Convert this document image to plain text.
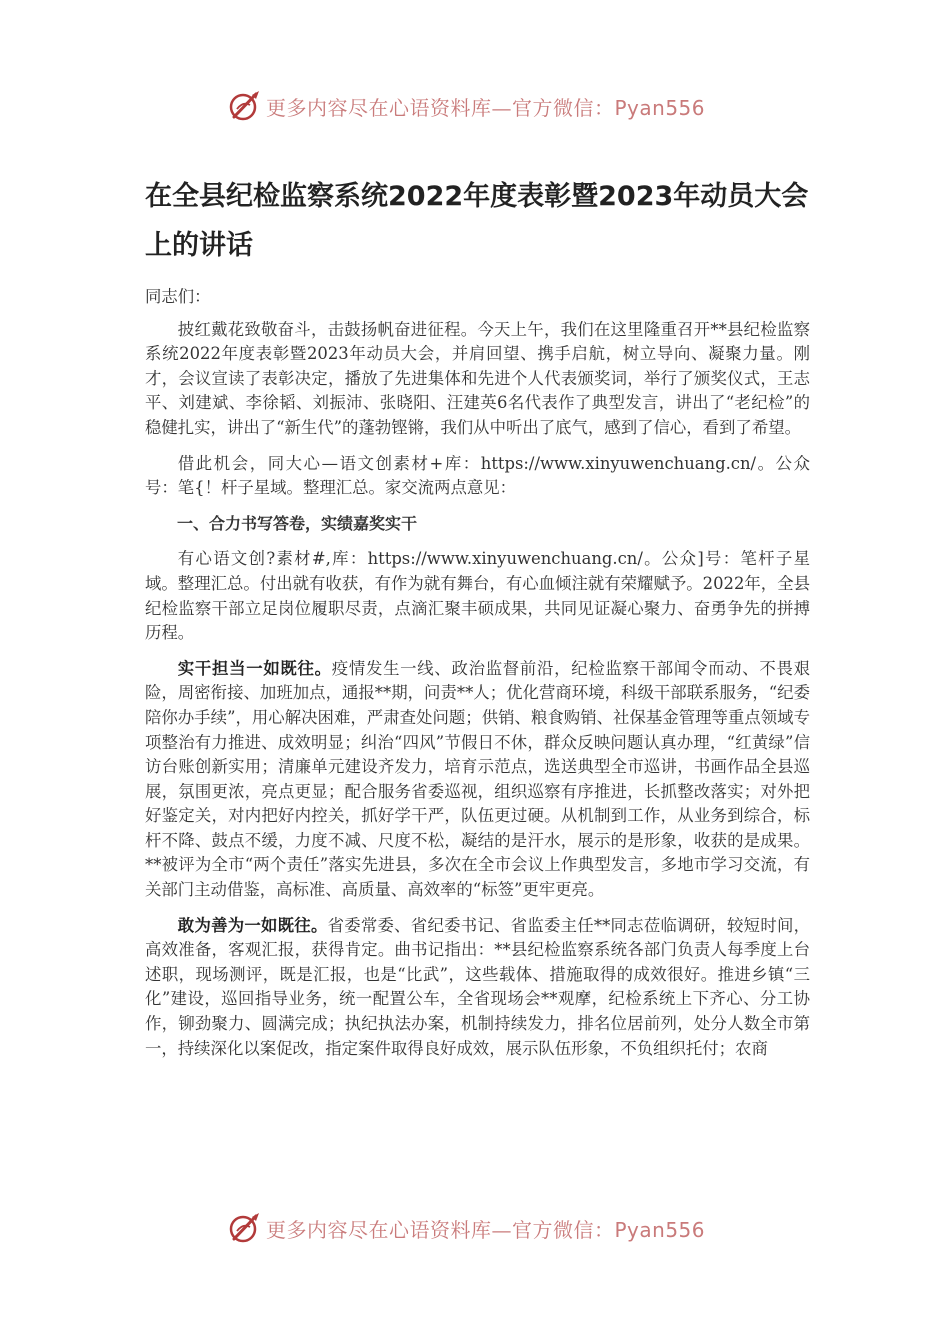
更多内容尽在心语资料库—官方微信：Pyan556
在全县纪检监察系统2022年度表彰暨2023年动员大会上的讲话

同志们：

披红戴花致敬奋斗，击鼓扬帆奋进征程。今天上午，我们在这里隆重召开**县纪检监察系统2022年度表彰暨2023年动员大会，并肩回望、携手启航，树立导向、凝聚力量。刚才，会议宣读了表彰决定，播放了先进集体和先进个人代表颁奖词，举行了颁奖仪式，王志平、刘建斌、李徐韬、刘振沛、张晓阳、汪建英6名代表作了典型发言，讲出了“老纪检”的稳健扎实，讲出了“新生代”的蓬勃铿锵，我们从中听出了底气，感到了信心，看到了希望。

借此机会，同大心—语文创素材+库：https://www.xinyuwenchuang.cn/。公众号：笔{！杆子星域。整理汇总。家交流两点意见：

一、合力书写答卷，实绩嘉奖实干

有心语文创?素材#,库：https://www.xinyuwenchuang.cn/。公众]号：笔杆子星域。整理汇总。付出就有收获，有作为就有舞台，有心血倾注就有荣耀赋予。2022年，全县纪检监察干部立足岗位履职尽责，点滴汇聚丰硕成果，共同见证凝心聚力、奋勇争先的拼搏历程。

实干担当一如既往。疫情发生一线、政治监督前沿，纪检监察干部闻令而动、不畏艰险，周密衔接、加班加点，通报**期，问责**人；优化营商环境，科级干部联系服务，“纪委陪你办手续”，用心解决困难，严肃查处问题；供销、粮食购销、社保基金管理等重点领域专项整治有力推进、成效明显；纠治“四风”节假日不休，群众反映问题认真办理，“红黄绿”信访台账创新实用；清廉单元建设齐发力，培育示范点，选送典型全市巡讲，书画作品全县巡展，氛围更浓，亮点更显；配合服务省委巡视，组织巡察有序推进，长抓整改落实；对外把好鉴定关，对内把好内控关，抓好学干严，队伍更过硬。从机制到工作，从业务到综合，标杆不降、鼓点不缓，力度不减、尺度不松，凝结的是汗水，展示的是形象，收获的是成果。**被评为全市“两个责任”落实先进县，多次在全市会议上作典型发言，多地市学习交流，有关部门主动借鉴，高标准、高质量、高效率的“标签”更牢更亮。

敢为善为一如既往。省委常委、省纪委书记、省监委主任**同志莅临调研，较短时间，高效准备，客观汇报，获得肯定。曲书记指出：**县纪检监察系统各部门负责人每季度上台述职，现场测评，既是汇报，也是“比武”，这些载体、措施取得的成效很好。推进乡镇“三化”建设，巡回指导业务，统一配置公车，全省现场会**观摩，纪检系统上下齐心、分工协作，铆劲聚力、圆满完成；执纪执法办案，机制持续发力，排名位居前列，处分人数全市第一，持续深化以案促改，指定案件取得良好成效，展示队伍形象，不负组织托付；农商

更多内容尽在心语资料库—官方微信：Pyan556
